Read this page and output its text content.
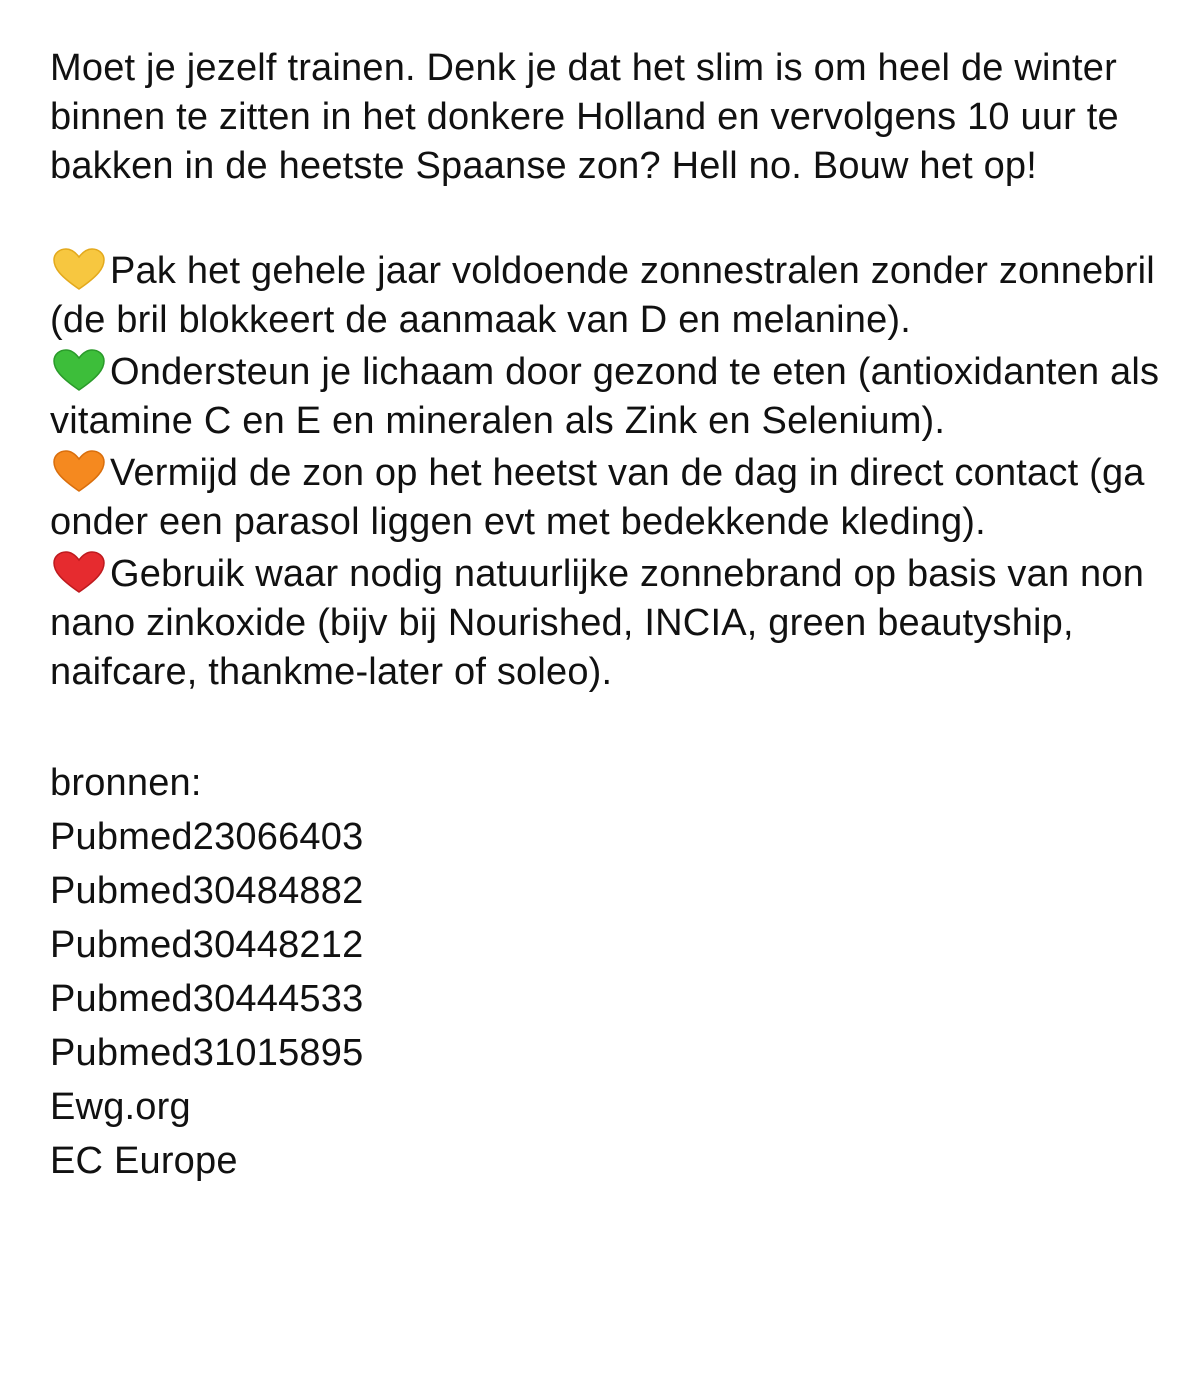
Moet je jezelf trainen. Denk je dat het slim is om heel de winter binnen te zitten in het donkere Holland en vervolgens 10 uur te bakken in de heetste Spaanse zon? Hell no. Bouw het op!

Pak het gehele jaar voldoende zonnestralen zonder zonnebril (de bril blokkeert de aanmaak van D en melanine).

Ondersteun je lichaam door gezond te eten (antioxidanten als vitamine C en E en mineralen als Zink en Selenium).

Vermijd de zon op het heetst van de dag in direct contact (ga onder een parasol liggen evt met bedekkende kleding).

Gebruik waar nodig natuurlijke zonnebrand op basis van non nano zinkoxide (bijv bij Nourished, INCIA, green beautyship, naifcare, thankme-later of soleo).

bronnen:

Pubmed23066403

Pubmed30484882

Pubmed30448212

Pubmed30444533

Pubmed31015895

Ewg.org

EC Europe
